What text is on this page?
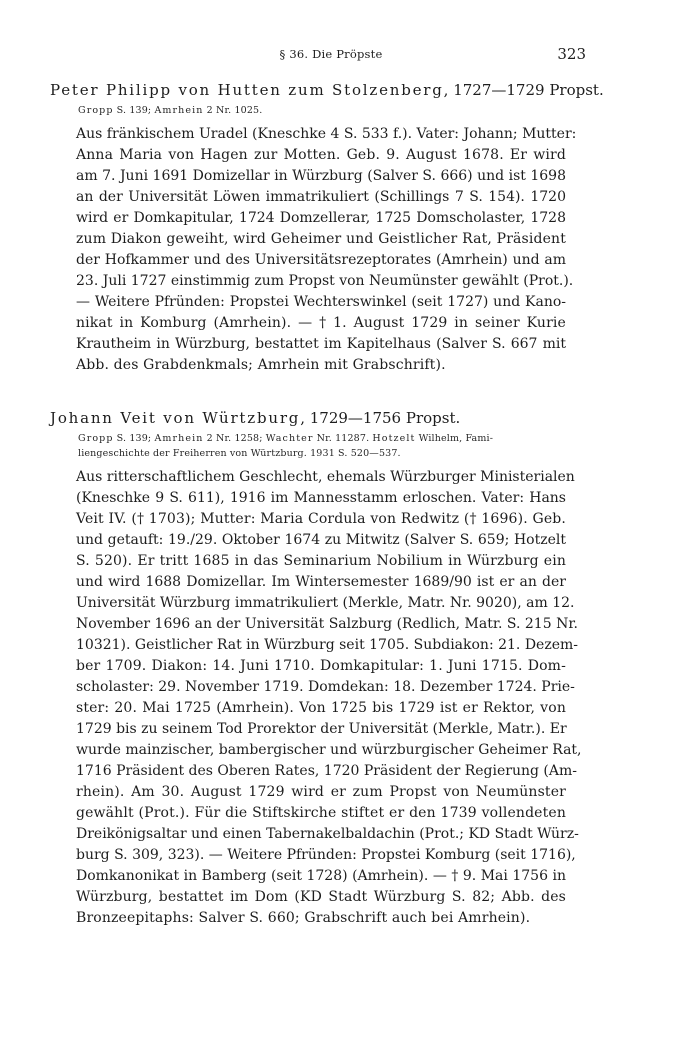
§ 36. Die Pröpste	323
Peter Philipp von Hutten zum Stolzenberg, 1727—1729 Propst.

Gropp S. 139; Amrhein 2 Nr. 1025.

Aus fränkischem Uradel (Kneschke 4 S. 533 f.). Vater: Johann; Mutter:
Anna Maria von Hagen zur Motten. Geb. 9. August 1678. Er wird
am 7. Juni 1691 Domizellar in Würzburg (Salver S. 666) und ist 1698
an der Universität Löwen immatrikuliert (Schillings 7 S. 154). 1720
wird er Domkapitular, 1724 Domzellerar, 1725 Domscholaster, 1728
zum Diakon geweiht, wird Geheimer und Geistlicher Rat, Präsident
der Hofkammer und des Universitätsrezeptorates (Amrhein) und am
23. Juli 1727 einstimmig zum Propst von Neumünster gewählt (Prot.).
— Weitere Pfründen: Propstei Wechterswinkel (seit 1727) und Kano-
nikat in Komburg (Amrhein). — † 1. August 1729 in seiner Kurie
Krautheim in Würzburg, bestattet im Kapitelhaus (Salver S. 667 mit
Abb. des Grabdenkmals; Amrhein mit Grabschrift).
Johann Veit von Würtzburg, 1729—1756 Propst.

Gropp S. 139; Amrhein 2 Nr. 1258; Wachter Nr. 11287. Hotzelt Wilhelm, Fami-
liengeschichte der Freiherren von Würtzburg. 1931 S. 520—537.

Aus ritterschaftlichem Geschlecht, ehemals Würzburger Ministerialen
(Kneschke 9 S. 611), 1916 im Mannesstamm erloschen. Vater: Hans
Veit IV. († 1703); Mutter: Maria Cordula von Redwitz († 1696). Geb.
und getauft: 19./29. Oktober 1674 zu Mitwitz (Salver S. 659; Hotzelt
S. 520). Er tritt 1685 in das Seminarium Nobilium in Würzburg ein
und wird 1688 Domizellar. Im Wintersemester 1689/90 ist er an der
Universität Würzburg immatrikuliert (Merkle, Matr. Nr. 9020), am 12.
November 1696 an der Universität Salzburg (Redlich, Matr. S. 215 Nr.
10321). Geistlicher Rat in Würzburg seit 1705. Subdiakon: 21. Dezem-
ber 1709. Diakon: 14. Juni 1710. Domkapitular: 1. Juni 1715. Dom-
scholaster: 29. November 1719. Domdekan: 18. Dezember 1724. Prie-
ster: 20. Mai 1725 (Amrhein). Von 1725 bis 1729 ist er Rektor, von
1729 bis zu seinem Tod Prorektor der Universität (Merkle, Matr.). Er
wurde mainzischer, bambergischer und würzburgischer Geheimer Rat,
1716 Präsident des Oberen Rates, 1720 Präsident der Regierung (Am-
rhein). Am 30. August 1729 wird er zum Propst von Neumünster
gewählt (Prot.). Für die Stiftskirche stiftet er den 1739 vollendeten
Dreikönigsaltar und einen Tabernakelbaldachin (Prot.; KD Stadt Würz-
burg S. 309, 323). — Weitere Pfründen: Propstei Komburg (seit 1716),
Domkanonikat in Bamberg (seit 1728) (Amrhein). — † 9. Mai 1756 in
Würzburg, bestattet im Dom (KD Stadt Würzburg S. 82; Abb. des
Bronzeepitaphs: Salver S. 660; Grabschrift auch bei Amrhein).
